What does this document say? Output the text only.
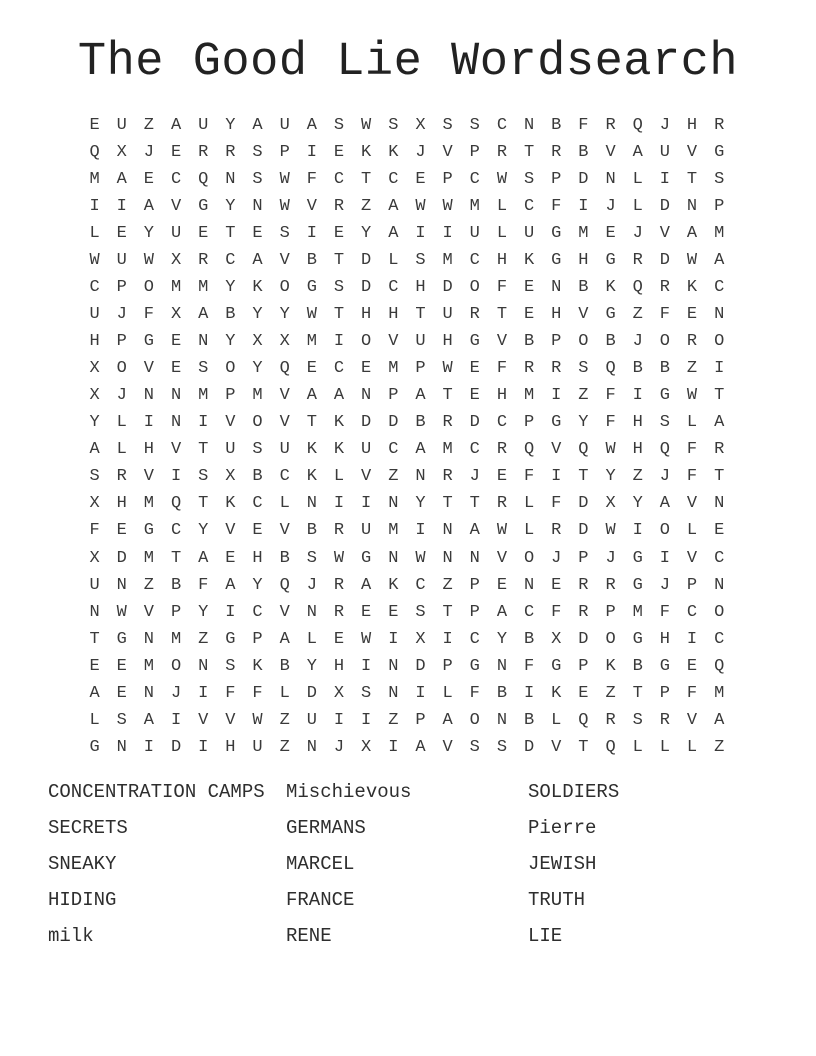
The Good Lie Wordsearch
E U Z A U Y A U A S W S X S S C N B F R Q J H R
Q X J E R R S P I E K K J V P R T R B V A U V G
M A E C Q N S W F C T C E P C W S P D N L I T S
I I A V G Y N W V R Z A W W M L C F I J L D N P
L E Y U E T E S I E Y A I I U L U G M E J V A M
W U W X R C A V B T D L S M C H K G H G R D W A
C P O M M Y K O G S D C H D O F E N B K Q R K C
U J F X A B Y Y W T H H T U R T E H V G Z F E N
H P G E N Y X X M I O V U H G V B P O B J O R O
X O V E S O Y Q E C E M P W E F R R S Q B B Z I
X J N N M P M V A A N P A T E H M I Z F I G W T
Y L I N I V O V T K D D B R D C P G Y F H S L A
A L H V T U S U K K U C A M C R Q V Q W H Q F R
S R V I S X B C K L V Z N R J E F I T Y Z J F T
X H M Q T K C L N I I N Y T T R L F D X Y A V N
F E G C Y V E V B R U M I N A W L R D W I O L E
X D M T A E H B S W G N W N N V O J P J G I V C
U N Z B F A Y Q J R A K C Z P E N E R R G J P N
N W V P Y I C V N R E E S T P A C F R P M F C O
T G N M Z G P A L E W I X I C Y B X D O G H I C
E E M O N S K B Y H I N D P G N F G P K B G E Q
A E N J I F F L D X S N I L F B I K E Z T P F M
L S A I V V W Z U I I Z P A O N B L Q R S R V A
G N I D I H U Z N J X I A V S S D V T Q L L L Z
CONCENTRATION CAMPS
SECRETS
SNEAKY
HIDING
milk
Mischievous
GERMANS
MARCEL
FRANCE
RENE
SOLDIERS
Pierre
JEWISH
TRUTH
LIE
